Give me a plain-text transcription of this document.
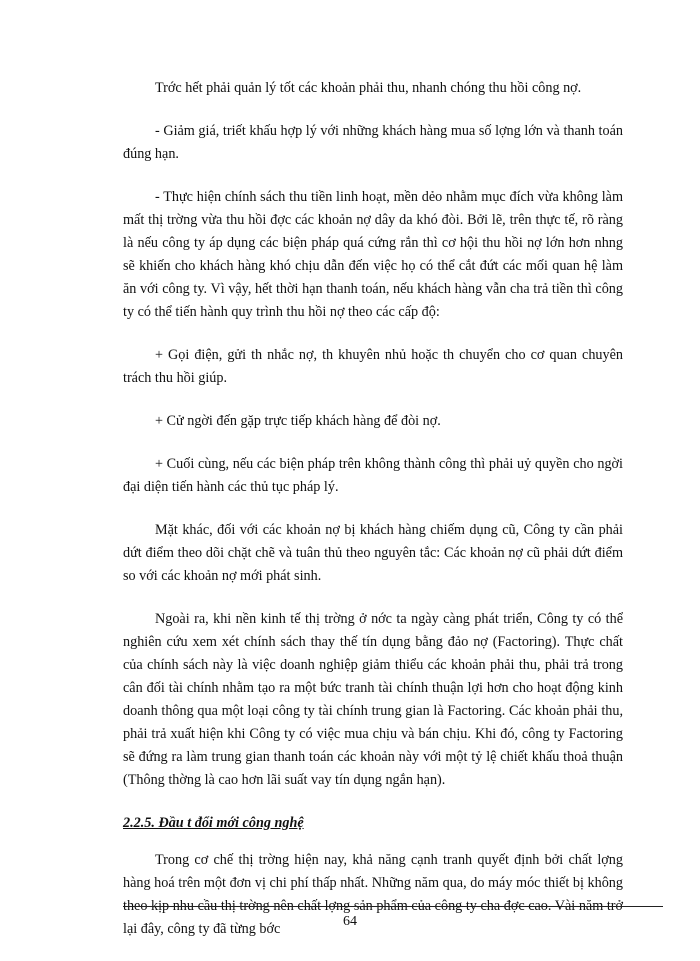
Trớc hết phải quản lý tốt các khoản phải thu, nhanh chóng thu hồi công nợ.

- Giảm giá, triết khấu hợp lý với những khách hàng mua số lợng lớn và thanh toán đúng hạn.

- Thực hiện chính sách thu tiền linh hoạt, mền dẻo nhằm mục đích vừa không làm mất thị trờng vừa thu hồi đợc các khoản nợ dây da khó đòi. Bởi lẽ, trên thực tế, rõ ràng là nếu công ty áp dụng các biện pháp quá cứng rắn thì cơ hội thu hồi nợ lớn hơn nhng sẽ khiến cho khách hàng khó chịu dẫn đến việc họ có thể cắt đứt các mối quan hệ làm ăn với công ty. Vì vậy, hết thời hạn thanh toán, nếu khách hàng vẫn cha trả tiền thì công ty có thể tiến hành quy trình thu hồi nợ theo các cấp độ:

+ Gọi điện, gửi th nhắc nợ, th khuyên nhủ hoặc th chuyển cho cơ quan chuyên trách thu hồi giúp.

+ Cử ngời đến gặp trực tiếp khách hàng để đòi nợ.

+ Cuối cùng, nếu các biện pháp trên không thành công thì phải uỷ quyền cho ngời đại diện tiến hành các thủ tục pháp lý.

Mặt khác, đối với các khoản nợ bị khách hàng chiếm dụng cũ, Công ty cần phải dứt điểm theo dõi chặt chẽ và tuân thủ theo nguyên tắc: Các khoản nợ cũ phải dứt điểm so với các khoản nợ mới phát sinh.

Ngoài ra, khi nền kinh tế thị trờng ở nớc ta ngày càng phát triển, Công ty có thể nghiên cứu xem xét chính sách thay thế tín dụng bằng đảo nợ (Factoring). Thực chất của chính sách này là việc doanh nghiệp giảm thiểu các khoản phải thu, phải trả trong cân đối tài chính nhằm tạo ra một bức tranh tài chính thuận lợi hơn cho hoạt động kinh doanh thông qua một loại công ty tài chính trung gian là Factoring. Các khoản phải thu, phải trả xuất hiện khi Công ty có việc mua chịu và bán chịu. Khi đó, công ty Factoring sẽ đứng ra làm trung gian thanh toán các khoản này với một tỷ lệ chiết khấu thoả thuận (Thông thờng là cao hơn lãi suất vay tín dụng ngắn hạn).

2.2.5. Đầu t đổi mới công nghệ

Trong cơ chế thị trờng hiện nay, khả năng cạnh tranh quyết định bởi chất lợng hàng hoá trên một đơn vị chi phí thấp nhất. Những năm qua, do máy móc thiết bị không theo kịp nhu cầu thị trờng nên chất lợng sản phẩm của công ty cha đợc cao. Vài năm trở lại đây, công ty đã từng bớc	64
